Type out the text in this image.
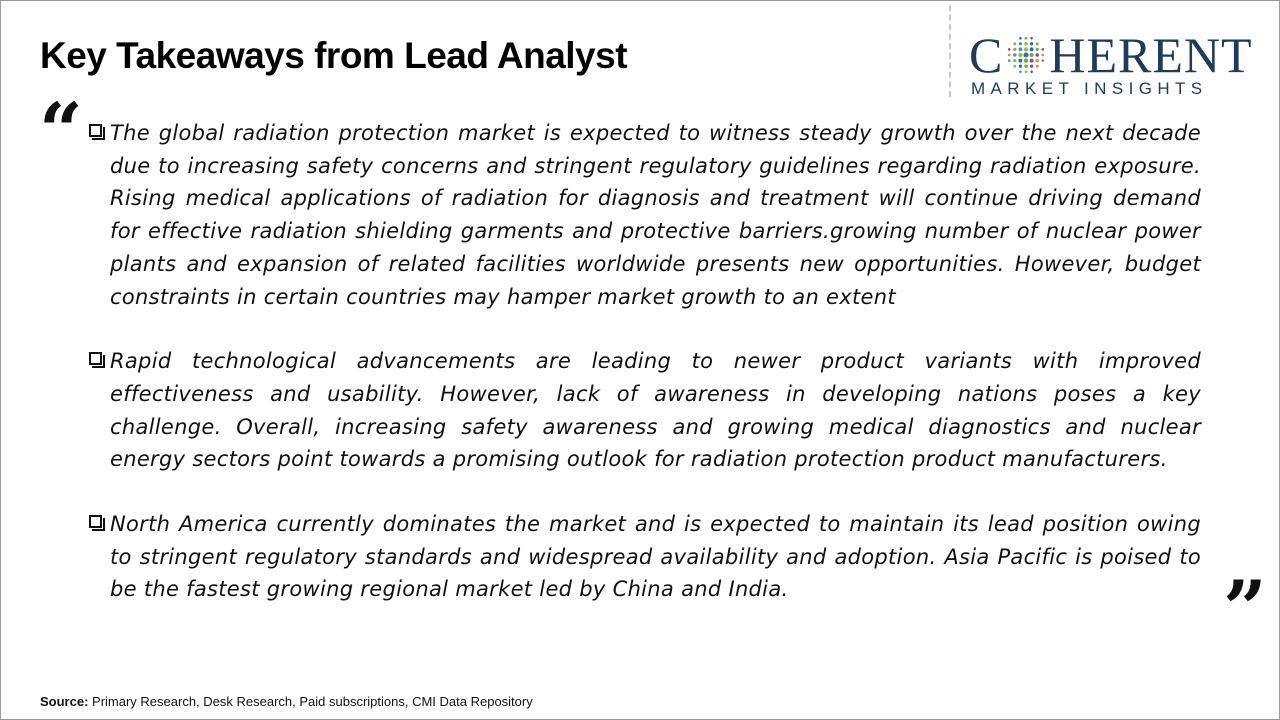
Key Takeaways from Lead Analyst	C HERENT
MARKET INSIGHTS
“ The global radiation protection market is expected to witness steady growth over the next decade due to increasing safety concerns and stringent regulatory guidelines regarding radiation exposure. Rising medical applications of radiation for diagnosis and treatment will continue driving demand for effective radiation shielding garments and protective barriers.growing number of nuclear power plants and expansion of related facilities worldwide presents new opportunities. However, budget constraints in certain countries may hamper market growth to an extent
Rapid technological advancements are leading to newer product variants with improved effectiveness and usability. However, lack of awareness in developing nations poses a key challenge. Overall, increasing safety awareness and growing medical diagnostics and nuclear energy sectors point towards a promising outlook for radiation protection product manufacturers.
North America currently dominates the market and is expected to maintain its lead position owing to stringent regulatory standards and widespread availability and adoption. Asia Pacific is poised to be the fastest growing regional market led by China and India.	”
Source: Primary Research, Desk Research, Paid subscriptions, CMI Data Repository
